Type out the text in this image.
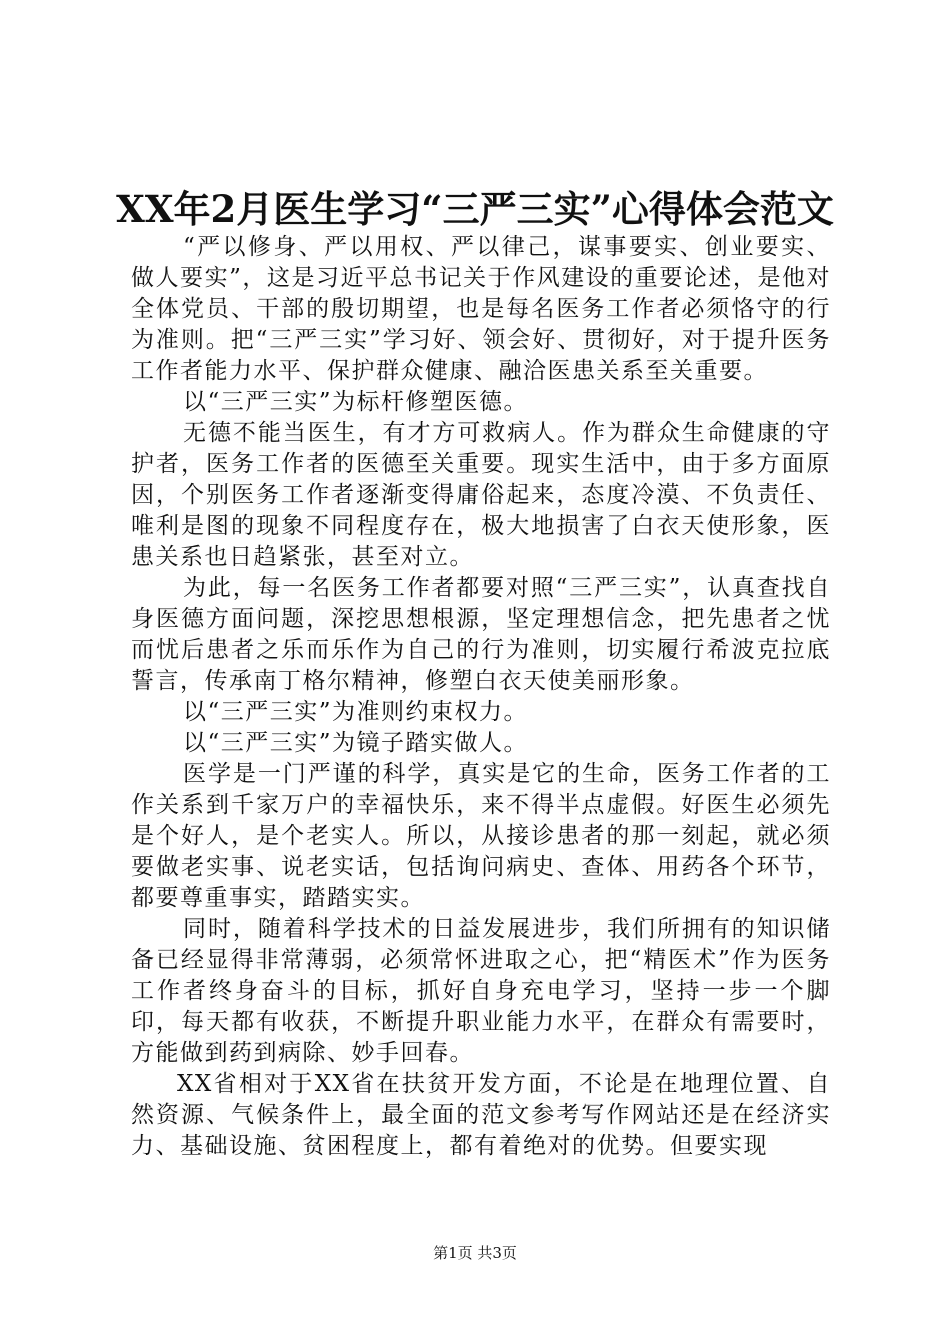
XX年2月医生学习“三严三实”心得体会范文

“严以修身、严以用权、严以律己，谋事要实、创业要实、做人要实”，这是习近平总书记关于作风建设的重要论述，是他对全体党员、干部的殷切期望，也是每名医务工作者必须恪守的行为准则。把“三严三实”学习好、领会好、贯彻好，对于提升医务工作者能力水平、保护群众健康、融洽医患关系至关重要。

以“三严三实”为标杆修塑医德。

无德不能当医生，有才方可救病人。作为群众生命健康的守护者，医务工作者的医德至关重要。现实生活中，由于多方面原因，个别医务工作者逐渐变得庸俗起来，态度冷漠、不负责任、唯利是图的现象不同程度存在，极大地损害了白衣天使形象，医患关系也日趋紧张，甚至对立。

为此，每一名医务工作者都要对照“三严三实”，认真查找自身医德方面问题，深挖思想根源，坚定理想信念，把先患者之忧而忧后患者之乐而乐作为自己的行为准则，切实履行希波克拉底誓言，传承南丁格尔精神，修塑白衣天使美丽形象。

以“三严三实”为准则约束权力。

以“三严三实”为镜子踏实做人。

医学是一门严谨的科学，真实是它的生命，医务工作者的工作关系到千家万户的幸福快乐，来不得半点虚假。好医生必须先是个好人，是个老实人。所以，从接诊患者的那一刻起，就必须要做老实事、说老实话，包括询问病史、查体、用药各个环节，都要尊重事实，踏踏实实。

同时，随着科学技术的日益发展进步，我们所拥有的知识储备已经显得非常薄弱，必须常怀进取之心，把“精医术”作为医务工作者终身奋斗的目标，抓好自身充电学习，坚持一步一个脚印，每天都有收获，不断提升职业能力水平，在群众有需要时，方能做到药到病除、妙手回春。

XX省相对于XX省在扶贫开发方面，不论是在地理位置、自然资源、气候条件上，最全面的范文参考写作网站还是在经济实力、基础设施、贫困程度上，都有着绝对的优势。但要实现

第1页 共3页
